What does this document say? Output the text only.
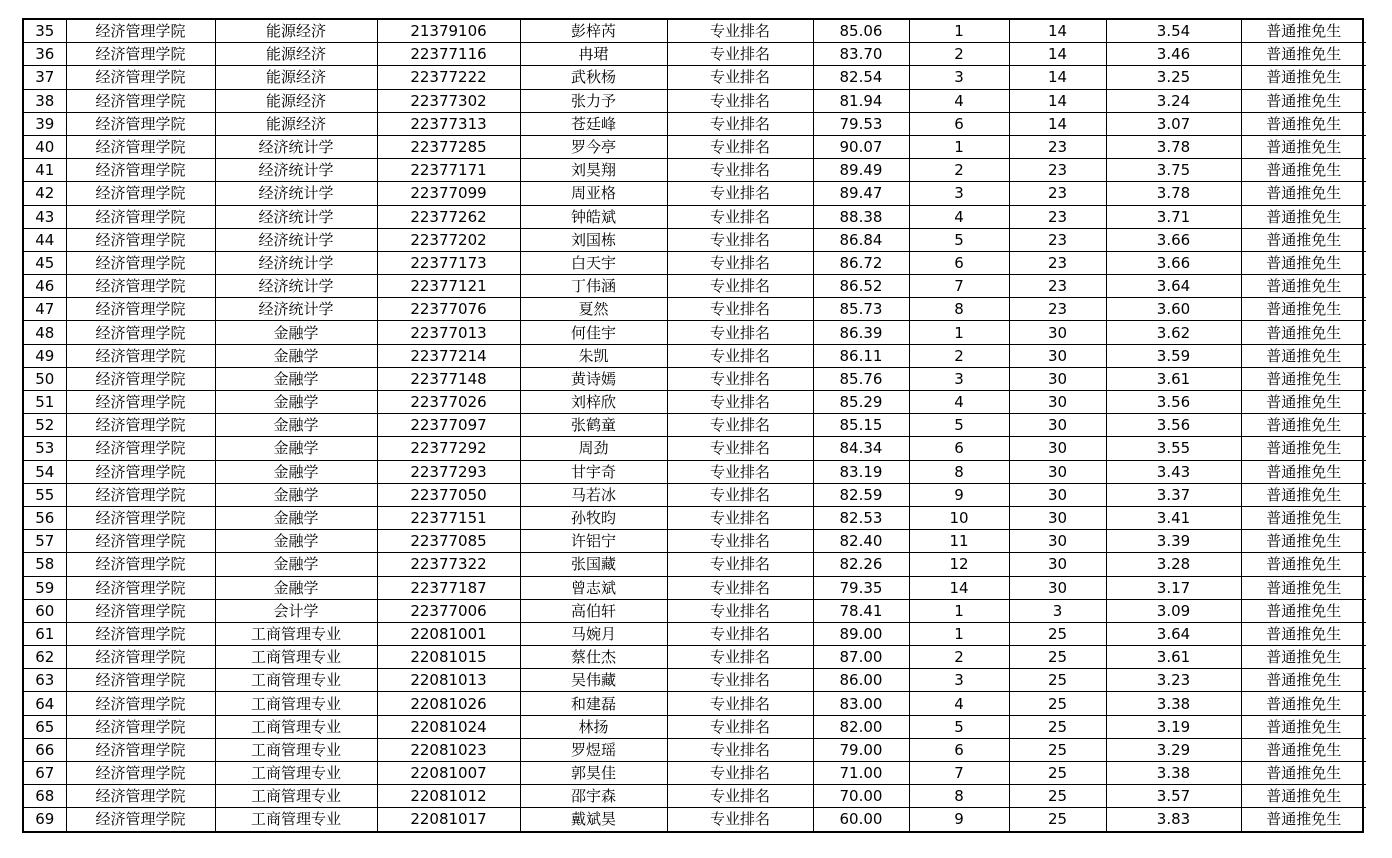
35	经济管理学院	能源经济	21379106	彭梓芮	专业排名	85.06	1	14	3.54	普通推免生
36	经济管理学院	能源经济	22377116	冉珺	专业排名	83.70	2	14	3.46	普通推免生
37	经济管理学院	能源经济	22377222	武秋杨	专业排名	82.54	3	14	3.25	普通推免生
38	经济管理学院	能源经济	22377302	张力予	专业排名	81.94	4	14	3.24	普通推免生
39	经济管理学院	能源经济	22377313	苍廷峰	专业排名	79.53	6	14	3.07	普通推免生
40	经济管理学院	经济统计学	22377285	罗今亭	专业排名	90.07	1	23	3.78	普通推免生
41	经济管理学院	经济统计学	22377171	刘昊翔	专业排名	89.49	2	23	3.75	普通推免生
42	经济管理学院	经济统计学	22377099	周亚格	专业排名	89.47	3	23	3.78	普通推免生
43	经济管理学院	经济统计学	22377262	钟皓斌	专业排名	88.38	4	23	3.71	普通推免生
44	经济管理学院	经济统计学	22377202	刘国栋	专业排名	86.84	5	23	3.66	普通推免生
45	经济管理学院	经济统计学	22377173	白天宇	专业排名	86.72	6	23	3.66	普通推免生
46	经济管理学院	经济统计学	22377121	丁伟涵	专业排名	86.52	7	23	3.64	普通推免生
47	经济管理学院	经济统计学	22377076	夏然	专业排名	85.73	8	23	3.60	普通推免生
48	经济管理学院	金融学	22377013	何佳宇	专业排名	86.39	1	30	3.62	普通推免生
49	经济管理学院	金融学	22377214	朱凯	专业排名	86.11	2	30	3.59	普通推免生
50	经济管理学院	金融学	22377148	黄诗嫣	专业排名	85.76	3	30	3.61	普通推免生
51	经济管理学院	金融学	22377026	刘梓欣	专业排名	85.29	4	30	3.56	普通推免生
52	经济管理学院	金融学	22377097	张鹤童	专业排名	85.15	5	30	3.56	普通推免生
53	经济管理学院	金融学	22377292	周劲	专业排名	84.34	6	30	3.55	普通推免生
54	经济管理学院	金融学	22377293	甘宇奇	专业排名	83.19	8	30	3.43	普通推免生
55	经济管理学院	金融学	22377050	马若冰	专业排名	82.59	9	30	3.37	普通推免生
56	经济管理学院	金融学	22377151	孙牧昀	专业排名	82.53	10	30	3.41	普通推免生
57	经济管理学院	金融学	22377085	许铝宁	专业排名	82.40	11	30	3.39	普通推免生
58	经济管理学院	金融学	22377322	张国藏	专业排名	82.26	12	30	3.28	普通推免生
59	经济管理学院	金融学	22377187	曾志斌	专业排名	79.35	14	30	3.17	普通推免生
60	经济管理学院	会计学	22377006	高伯轩	专业排名	78.41	1	3	3.09	普通推免生
61	经济管理学院	工商管理专业	22081001	马婉月	专业排名	89.00	1	25	3.64	普通推免生
62	经济管理学院	工商管理专业	22081015	蔡仕杰	专业排名	87.00	2	25	3.61	普通推免生
63	经济管理学院	工商管理专业	22081013	吴伟藏	专业排名	86.00	3	25	3.23	普通推免生
64	经济管理学院	工商管理专业	22081026	和建磊	专业排名	83.00	4	25	3.38	普通推免生
65	经济管理学院	工商管理专业	22081024	林扬	专业排名	82.00	5	25	3.19	普通推免生
66	经济管理学院	工商管理专业	22081023	罗煜瑶	专业排名	79.00	6	25	3.29	普通推免生
67	经济管理学院	工商管理专业	22081007	郭昊佳	专业排名	71.00	7	25	3.38	普通推免生
68	经济管理学院	工商管理专业	22081012	邵宇森	专业排名	70.00	8	25	3.57	普通推免生
69	经济管理学院	工商管理专业	22081017	戴斌昊	专业排名	60.00	9	25	3.83	普通推免生
